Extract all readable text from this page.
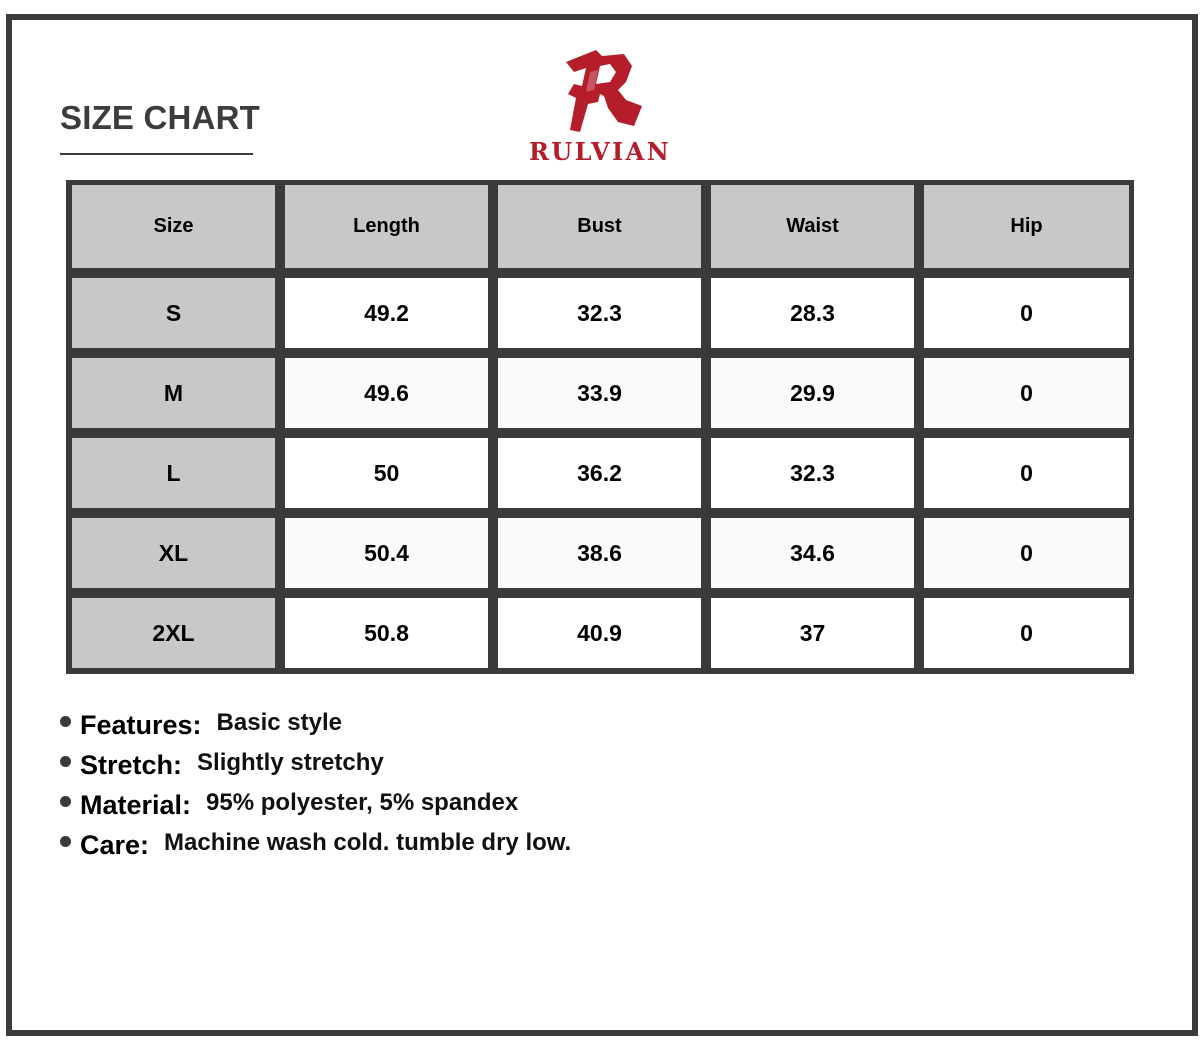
SIZE CHART
RULVIAN
Size	Length	Bust	Waist	Hip
S	49.2	32.3	28.3	0
M	49.6	33.9	29.9	0
L	50	36.2	32.3	0
XL	50.4	38.6	34.6	0
2XL	50.8	40.9	37	0
Features: Basic style
Stretch: Slightly stretchy
Material: 95% polyester, 5% spandex
Care: Machine wash cold. tumble dry low.
